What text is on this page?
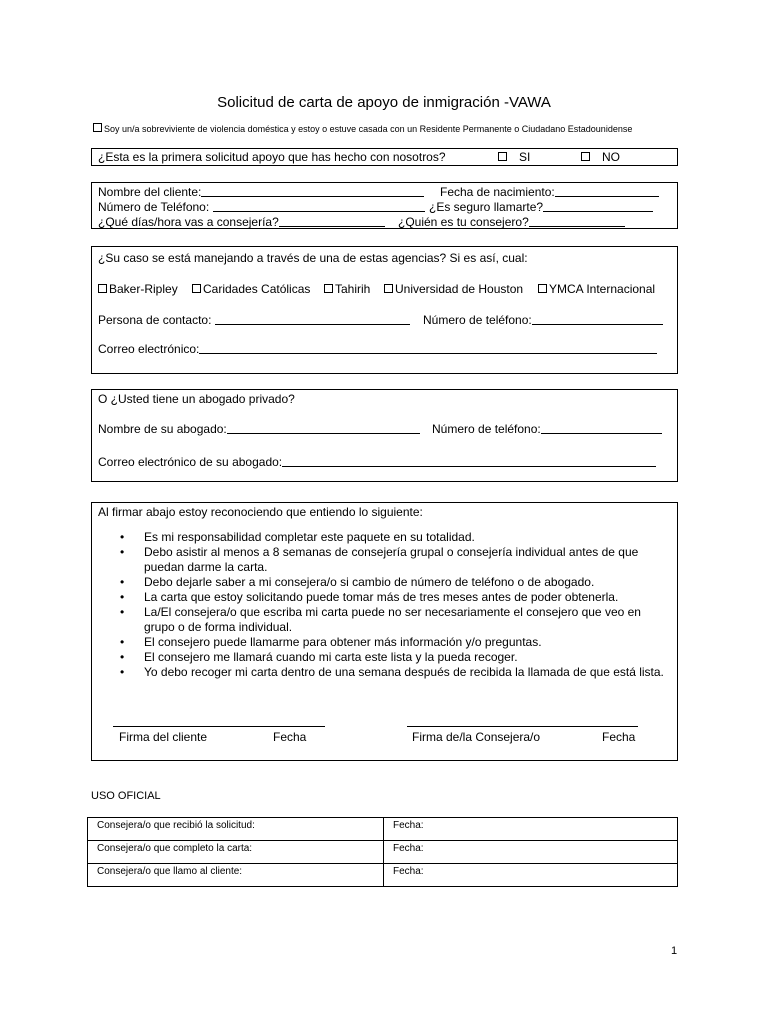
Solicitud de carta de apoyo de inmigración -VAWA
Soy un/a sobreviviente de violencia doméstica y estoy o estuve casada con un Residente Permanente o Ciudadano Estadounidense
¿Esta es la primera solicitud apoyo que has hecho con nosotros?	SI	NO
Nombre del cliente:	Fecha de nacimiento:
Número de Teléfono:	¿Es seguro llamarte?
¿Qué días/hora vas a consejería?	¿Quién es tu consejero?
¿Su caso se está manejando a través de una de estas agencias? Si es así, cual:
Baker-Ripley	Caridades Católicas	Tahirih	Universidad de Houston	YMCA Internacional
Persona de contacto:	Número de teléfono:
Correo electrónico:
O ¿Usted tiene un abogado privado?
Nombre de su abogado:	Número de teléfono:
Correo electrónico de su abogado:
Al firmar abajo estoy reconociendo que entiendo lo siguiente:
Firma del cliente	Fecha	Firma de/la Consejera/o	Fecha
• Es mi responsabilidad completar este paquete en su totalidad.
• Debo asistir al menos a 8 semanas de consejería grupal o consejería individual antes de que puedan darme la carta.
• Debo dejarle saber a mi consejera/o si cambio de número de teléfono o de abogado.
• La carta que estoy solicitando puede tomar más de tres meses antes de poder obtenerla.
• La/El consejera/o que escriba mi carta puede no ser necesariamente el consejero que veo en grupo o de forma individual.
• El consejero puede llamarme para obtener más información y/o preguntas.
• El consejero me llamará cuando mi carta este lista y la pueda recoger.
• Yo debo recoger mi carta dentro de una semana después de recibida la llamada de que está lista.
USO OFICIAL
Consejera/o que recibió la solicitud:	Fecha:
Consejera/o que completo la carta:	Fecha:
Consejera/o que llamo al cliente:	Fecha:
1
